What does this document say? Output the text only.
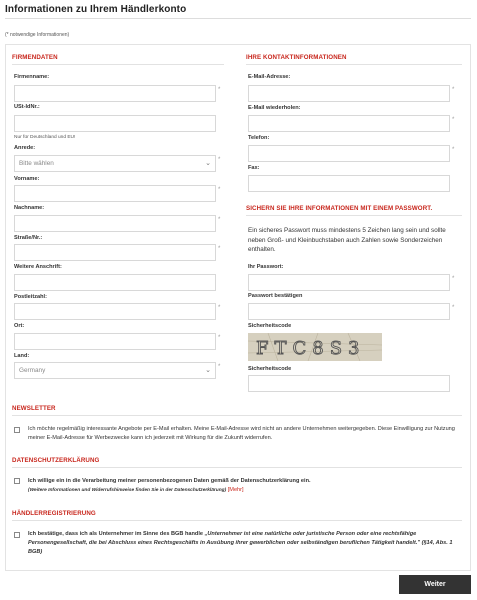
Informationen zu Ihrem Händlerkonto
(* notwendige Informationen)
FIRMENDATEN
Firmenname:
*
USt-IdNr.:
Nur für Deutschland und EU!
Anrede:
Bitte wählen	⌄ *
Vorname:
*
Nachname:
*
Straße/Nr.:
*
Weitere Anschrift:
Postleitzahl:
*
Ort:
*
Land:
Germany	⌄ *
IHRE KONTAKTINFORMATIONEN
E-Mail-Adresse:
*
E-Mail wiederholen:
*
Telefon:
*
Fax:
SICHERN SIE IHRE INFORMATIONEN MIT EINEM PASSWORT.
Ein sicheres Passwort muss mindestens 5 Zeichen lang sein und sollte neben Groß- und Kleinbuchstaben auch Zahlen sowie Sonderzeichen enthalten.
Ihr Passwort:
*
Passwort bestätigen
*
Sicherheitscode
FTC8S3
Sicherheitscode
NEWSLETTER
Ich möchte regelmäßig interessante Angebote per E-Mail erhalten. Meine E-Mail-Adresse wird nicht an andere Unternehmen weitergegeben. Diese Einwilligung zur Nutzung meiner E-Mail-Adresse für Werbezwecke kann ich jederzeit mit Wirkung für die Zukunft widerrufen.
DATENSCHUTZERKLÄRUNG
Ich willige ein in die Verarbeitung meiner personenbezogenen Daten gemäß der Datenschutzerklärung ein.
(Weitere Informationen und Widerrufshinweise finden Sie in der Datenschutzerklärung) [Mehr]
HÄNDLERREGISTRIERUNG
Ich bestätige, dass ich als Unternehmer im Sinne des BGB handle „Unternehmer ist eine natürliche oder juristische Person oder eine rechtsfähige Personengesellschaft, die bei Abschluss eines Rechtsgeschäfts in Ausübung ihrer gewerblichen oder selbständigen beruflichen Tätigkeit handelt." (§14, Abs. 1 BGB)
Weiter
